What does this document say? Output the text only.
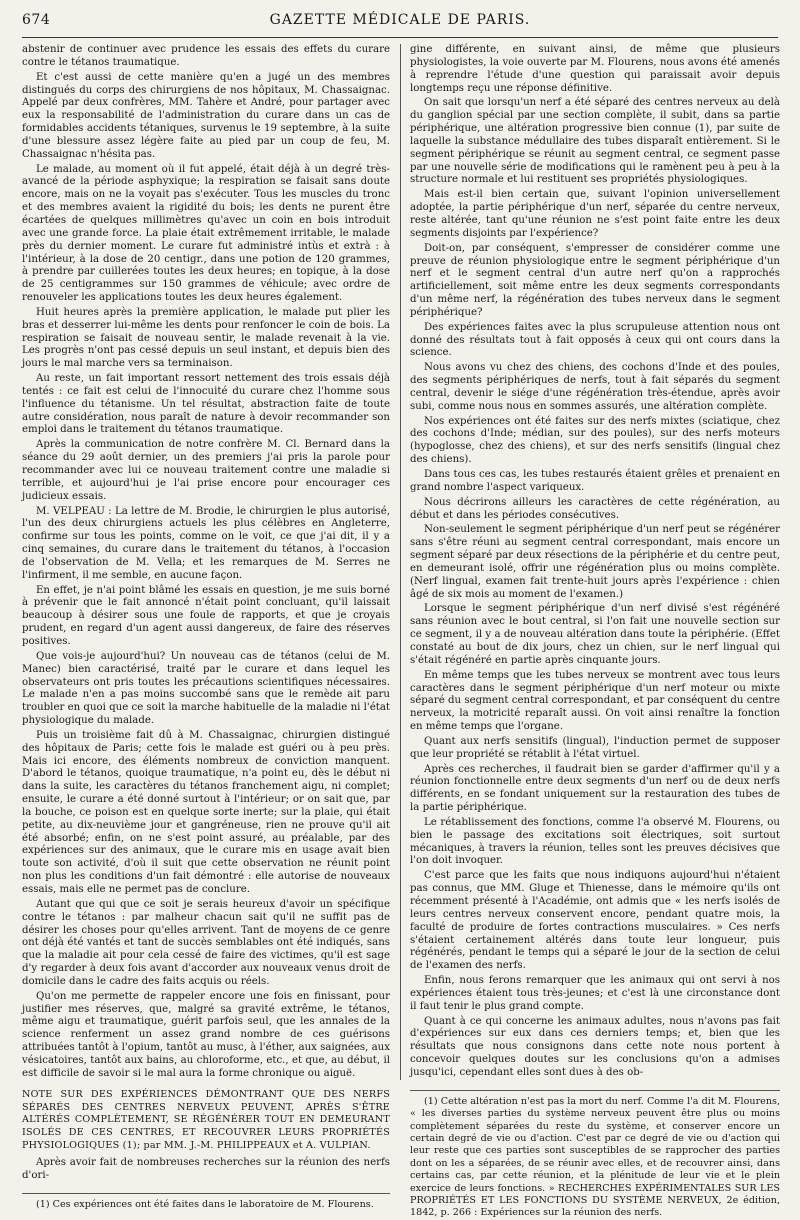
674	GAZETTE MÉDICALE DE PARIS.

abstenir de continuer avec prudence les essais des effets du curare contre le tétanos traumatique.

Et c'est aussi de cette manière qu'en a jugé un des membres distingués du corps des chirurgiens de nos hôpitaux, M. Chassaignac. Appelé par deux confrères, MM. Tahère et André, pour partager avec eux la responsabilité de l'administration du curare dans un cas de formidables accidents tétaniques, survenus le 19 septembre, à la suite d'une blessure assez légère faite au pied par un coup de feu, M. Chassaignac n'hésita pas.

Le malade, au moment où il fut appelé, était déjà à un degré très-avancé de la période asphyxique; la respiration se faisait sans doute encore, mais on ne la voyait pas s'exécuter. Tous les muscles du tronc et des membres avaient la rigidité du bois; les dents ne purent être écartées de quelques millimètres qu'avec un coin en bois introduit avec une grande force. La plaie était extrêmement irritable, le malade près du dernier moment. Le curare fut administré intùs et extrà : à l'intérieur, à la dose de 20 centigr., dans une potion de 120 grammes, à prendre par cuillerées toutes les deux heures; en topique, à la dose de 25 centigrammes sur 150 grammes de véhicule; avec ordre de renouveler les applications toutes les deux heures également.

Huit heures après la première application, le malade put plier les bras et desserrer lui-même les dents pour renfoncer le coin de bois. La respiration se faisait de nouveau sentir, le malade revenait à la vie. Les progrès n'ont pas cessé depuis un seul instant, et depuis bien des jours le mal marche vers sa terminaison.

Au reste, un fait important ressort nettement des trois essais déjà tentés : ce fait est celui de l'innocuité du curare chez l'homme sous l'influence du tétanisme. Un tel résultat, abstraction faite de toute autre considération, nous paraît de nature à devoir recommander son emploi dans le traitement du tétanos traumatique.

Après la communication de notre confrère M. Cl. Bernard dans la séance du 29 août dernier, un des premiers j'ai pris la parole pour recommander avec lui ce nouveau traitement contre une maladie si terrible, et aujourd'hui je l'ai prise encore pour encourager ces judicieux essais.

M. VELPEAU : La lettre de M. Brodie, le chirurgien le plus autorisé, l'un des deux chirurgiens actuels les plus célèbres en Angleterre, confirme sur tous les points, comme on le voit, ce que j'ai dit, il y a cinq semaines, du curare dans le traitement du tétanos, à l'occasion de l'observation de M. Vella; et les remarques de M. Serres ne l'infirment, il me semble, en aucune façon.

En effet, je n'ai point blâmé les essais en question, je me suis borné à prévenir que le fait annoncé n'était point concluant, qu'il laissait beaucoup à désirer sous une foule de rapports, et que je croyais prudent, en regard d'un agent aussi dangereux, de faire des réserves positives.

Que vois-je aujourd'hui? Un nouveau cas de tétanos (celui de M. Manec) bien caractérisé, traité par le curare et dans lequel les observateurs ont pris toutes les précautions scientifiques nécessaires. Le malade n'en a pas moins succombé sans que le remède ait paru troubler en quoi que ce soit la marche habituelle de la maladie ni l'état physiologique du malade.

Puis un troisième fait dû à M. Chassaignac, chirurgien distingué des hôpitaux de Paris; cette fois le malade est guéri ou à peu près. Mais ici encore, des éléments nombreux de conviction manquent. D'abord le tétanos, quoique traumatique, n'a point eu, dès le début ni dans la suite, les caractères du tétanos franchement aigu, ni complet; ensuite, le curare a été donné surtout à l'intérieur; or on sait que, par la bouche, ce poison est en quelque sorte inerte; sur la plaie, qui était petite, au dix-neuvième jour et gangréneuse, rien ne prouve qu'il ait été absorbé; enfin, on ne s'est point assuré, au préalable, par des expériences sur des animaux, que le curare mis en usage avait bien toute son activité, d'où il suit que cette observation ne réunit point non plus les conditions d'un fait démontré : elle autorise de nouveaux essais, mais elle ne permet pas de conclure.

Autant que qui que ce soit je serais heureux d'avoir un spécifique contre le tétanos : par malheur chacun sait qu'il ne suffit pas de désirer les choses pour qu'elles arrivent. Tant de moyens de ce genre ont déjà été vantés et tant de succès semblables ont été indiqués, sans que la maladie ait pour cela cessé de faire des victimes, qu'il est sage d'y regarder à deux fois avant d'accorder aux nouveaux venus droit de domicile dans le cadre des faits acquis ou réels.

Qu'on me permette de rappeler encore une fois en finissant, pour justifier mes réserves, que, malgré sa gravité extrême, le tétanos, même aigu et traumatique, guérit parfois seul, que les annales de la science renferment un assez grand nombre de ces guérisons attribuées tantôt à l'opium, tantôt au musc, à l'éther, aux saignées, aux vésicatoires, tantôt aux bains, au chloroforme, etc., et que, au début, il est difficile de savoir si le mal aura la forme chronique ou aiguë.

NOTE SUR DES EXPÉRIENCES DÉMONTRANT QUE DES NERFS SÉPARÉS DES CENTRES NERVEUX PEUVENT, APRÈS S'ÊTRE ALTÉRÉS COMPLÈTEMENT, SE RÉGÉNÉRER TOUT EN DEMEURANT ISOLÉS DE CES CENTRES, ET RECOUVRER LEURS PROPRIÉTÉS PHYSIOLOGIQUES (1); par MM. J.-M. PHILIPPEAUX et A. VULPIAN.

Après avoir fait de nombreuses recherches sur la réunion des nerfs d'ori-

(1) Ces expériences ont été faites dans le laboratoire de M. Flourens.

gine différente, en suivant ainsi, de même que plusieurs physiologistes, la voie ouverte par M. Flourens, nous avons été amenés à reprendre l'étude d'une question qui paraissait avoir depuis longtemps reçu une réponse définitive.

On sait que lorsqu'un nerf a été séparé des centres nerveux au delà du ganglion spécial par une section complète, il subit, dans sa partie périphérique, une altération progressive bien connue (1), par suite de laquelle la substance médullaire des tubes disparaît entièrement. Si le segment périphérique se réunit au segment central, ce segment passe par une nouvelle série de modifications qui le ramènent peu à peu à la structure normale et lui restituent ses propriétés physiologiques.

Mais est-il bien certain que, suivant l'opinion universellement adoptée, la partie périphérique d'un nerf, séparée du centre nerveux, reste altérée, tant qu'une réunion ne s'est point faite entre les deux segments disjoints par l'expérience?

Doit-on, par conséquent, s'empresser de considérer comme une preuve de réunion physiologique entre le segment périphérique d'un nerf et le segment central d'un autre nerf qu'on a rapprochés artificiellement, soit même entre les deux segments correspondants d'un même nerf, la régénération des tubes nerveux dans le segment périphérique?

Des expériences faites avec la plus scrupuleuse attention nous ont donné des résultats tout à fait opposés à ceux qui ont cours dans la science.

Nous avons vu chez des chiens, des cochons d'Inde et des poules, des segments périphériques de nerfs, tout à fait séparés du segment central, devenir le siége d'une régénération très-étendue, après avoir subi, comme nous nous en sommes assurés, une altération complète.

Nos expériences ont été faites sur des nerfs mixtes (sciatique, chez des cochons d'Inde; médian, sur des poules), sur des nerfs moteurs (hypoglosse, chez des chiens), et sur des nerfs sensitifs (lingual chez des chiens).

Dans tous ces cas, les tubes restaurés étaient grêles et prenaient en grand nombre l'aspect variqueux.

Nous décrirons ailleurs les caractères de cette régénération, au début et dans les périodes consécutives.

Non-seulement le segment périphérique d'un nerf peut se régénérer sans s'être réuni au segment central correspondant, mais encore un segment séparé par deux résections de la périphérie et du centre peut, en demeurant isolé, offrir une régénération plus ou moins complète. (Nerf lingual, examen fait trente-huit jours après l'expérience : chien âgé de six mois au moment de l'examen.)

Lorsque le segment périphérique d'un nerf divisé s'est régénéré sans réunion avec le bout central, si l'on fait une nouvelle section sur ce segment, il y a de nouveau altération dans toute la périphérie. (Effet constaté au bout de dix jours, chez un chien, sur le nerf lingual qui s'était régénéré en partie après cinquante jours.

En même temps que les tubes nerveux se montrent avec tous leurs caractères dans le segment périphérique d'un nerf moteur ou mixte séparé du segment central correspondant, et par conséquent du centre nerveux, la motricité reparaît aussi. On voit ainsi renaître la fonction en même temps que l'organe.

Quant aux nerfs sensitifs (lingual), l'induction permet de supposer que leur propriété se rétablit à l'état virtuel.

Après ces recherches, il faudrait bien se garder d'affirmer qu'il y a réunion fonctionnelle entre deux segments d'un nerf ou de deux nerfs différents, en se fondant uniquement sur la restauration des tubes de la partie périphérique.

Le rétablissement des fonctions, comme l'a observé M. Flourens, ou bien le passage des excitations soit électriques, soit surtout mécaniques, à travers la réunion, telles sont les preuves décisives que l'on doit invoquer.

C'est parce que les faits que nous indiquons aujourd'hui n'étaient pas connus, que MM. Gluge et Thienesse, dans le mémoire qu'ils ont récemment présenté à l'Académie, ont admis que « les nerfs isolés de leurs centres nerveux conservent encore, pendant quatre mois, la faculté de produire de fortes contractions musculaires. » Ces nerfs s'étaient certainement altérés dans toute leur longueur, puis régénérés, pendant le temps qui a séparé le jour de la section de celui de l'examen des nerfs.

Enfin, nous ferons remarquer que les animaux qui ont servi à nos expériences étaient tous très-jeunes; et c'est là une circonstance dont il faut tenir le plus grand compte.

Quant à ce qui concerne les animaux adultes, nous n'avons pas fait d'expériences sur eux dans ces derniers temps; et, bien que les résultats que nous consignons dans cette note nous portent à concevoir quelques doutes sur les conclusions qu'on a admises jusqu'ici, cependant elles sont dues à des ob-

(1) Cette altération n'est pas la mort du nerf. Comme l'a dit M. Flourens, « les diverses parties du système nerveux peuvent être plus ou moins complètement séparées du reste du système, et conserver encore un certain degré de vie ou d'action. C'est par ce degré de vie ou d'action qui leur reste que ces parties sont susceptibles de se rapprocher des parties dont on les a séparées, de se réunir avec elles, et de recouvrer ainsi, dans certains cas, par cette réunion, et la plénitude de leur vie et le plein exercice de leurs fonctions. » RECHERCHES EXPÉRIMENTALES SUR LES PROPRIÉTÉS ET LES FONCTIONS DU SYSTÈME NERVEUX, 2e édition, 1842, p. 266 : Expériences sur la réunion des nerfs.
